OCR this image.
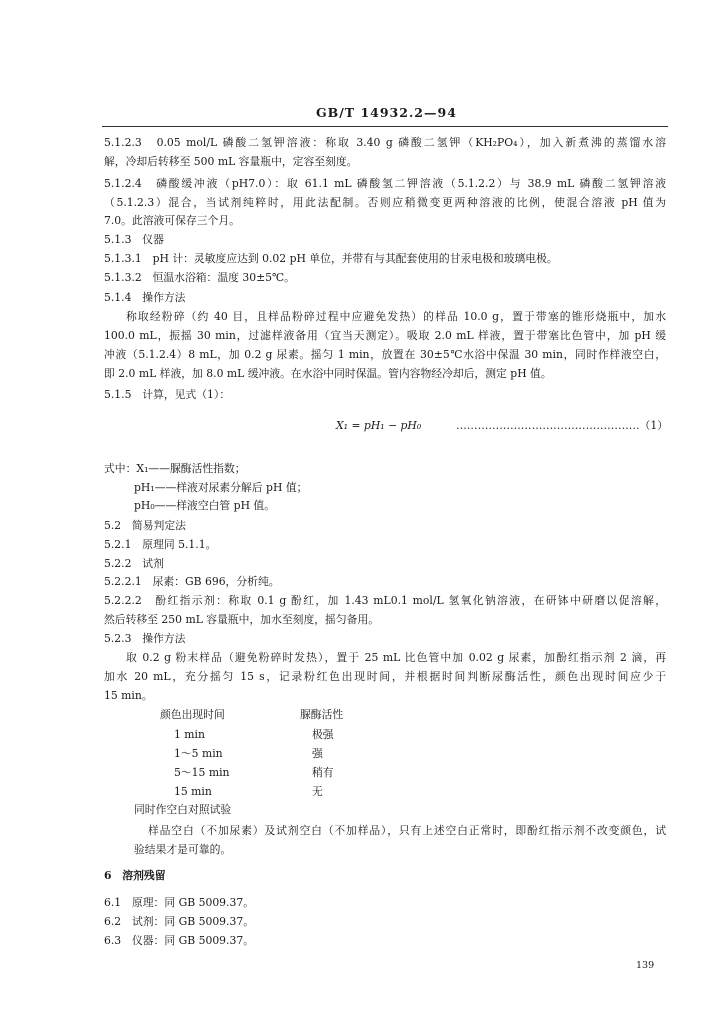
GB/T 14932.2—94
5.1.2.3　0.05 mol/L 磷酸二氢钾溶液：称取 3.40 g 磷酸二氢钾（KH₂PO₄），加入新煮沸的蒸馏水溶
解，冷却后转移至 500 mL 容量瓶中，定容至刻度。
5.1.2.4　磷酸缓冲液（pH7.0）：取 61.1 mL 磷酸氢二钾溶液（5.1.2.2）与 38.9 mL 磷酸二氢钾溶液
（5.1.2.3）混合，当试剂纯粹时，用此法配制。否则应稍微变更两种溶液的比例，使混合溶液 pH 值为
7.0。此溶液可保存三个月。
5.1.3　仪器
5.1.3.1　pH 计：灵敏度应达到 0.02 pH 单位，并带有与其配套使用的甘汞电极和玻璃电极。
5.1.3.2　恒温水浴箱：温度 30±5℃。
5.1.4　操作方法
称取经粉碎（约 40 目，且样品粉碎过程中应避免发热）的样品 10.0 g，置于带塞的锥形烧瓶中，加水
100.0 mL，振摇 30 min，过滤样液备用（宜当天测定）。吸取 2.0 mL 样液，置于带塞比色管中，加 pH 缓
冲液（5.1.2.4）8 mL，加 0.2 g 尿素。摇匀 1 min，放置在 30±5℃水浴中保温 30 min，同时作样液空白，
即 2.0 mL 样液，加 8.0 mL 缓冲液。在水浴中同时保温。管内容物经冷却后，测定 pH 值。
5.1.5　计算，见式（1）：
X₁ = pH₁ − pH₀	……………………………………………（1）
式中：X₁——脲酶活性指数；
pH₁——样液对尿素分解后 pH 值；
pH₀——样液空白管 pH 值。
5.2　简易判定法
5.2.1　原理同 5.1.1。
5.2.2　试剂
5.2.2.1　尿素：GB 696，分析纯。
5.2.2.2　酚红指示剂：称取 0.1 g 酚红，加 1.43 mL0.1 mol/L 氢氧化钠溶液，在研钵中研磨以促溶解，
然后转移至 250 mL 容量瓶中，加水至刻度，摇匀备用。
5.2.3　操作方法
取 0.2 g 粉末样品（避免粉碎时发热），置于 25 mL 比色管中加 0.02 g 尿素，加酚红指示剂 2 滴，再
加水 20 mL，充分摇匀 15 s，记录粉红色出现时间，并根据时间判断尿酶活性，颜色出现时间应少于
15 min。
颜色出现时间	脲酶活性
1 min	极强
1～5 min	强
5～15 min	稍有
15 min	无
同时作空白对照试验
样品空白（不加尿素）及试剂空白（不加样品），只有上述空白正常时，即酚红指示剂不改变颜色，试
验结果才是可靠的。
6　溶剂残留
6.1　原理：同 GB 5009.37。
6.2　试剂：同 GB 5009.37。
6.3　仪器：同 GB 5009.37。
139
